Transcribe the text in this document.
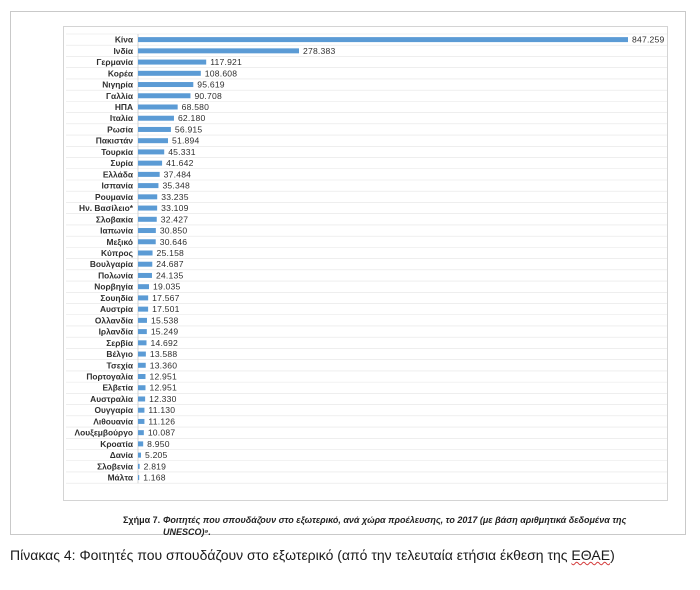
Κίνα	847.259
Ινδία	278.383
Γερμανία	117.921
Κορέα	108.608
Νιγηρία	95.619
Γαλλία	90.708
ΗΠΑ	68.580
Ιταλία	62.180
Ρωσία	56.915
Πακιστάν	51.894
Τουρκία	45.331
Συρία	41.642
Ελλάδα	37.484
Ισπανία	35.348
Ρουμανία	33.235
Ην. Βασίλειο*	33.109
Σλοβακία	32.427
Ιαπωνία	30.850
Μεξικό	30.646
Κύπρος	25.158
Βουλγαρία	24.687
Πολωνία	24.135
Νορβηγία 19.035
Σουηδία 17.567
Αυστρία 17.501
Ολλανδία 15.538
Ιρλανδία 15.249
Σερβία 14.692
Βέλγιο 13.588
Τσεχία 13.360
Πορτογαλία 12.951
Ελβετία 12.951
Αυστραλία 12.330
Ουγγαρία 11.130
Λιθουανία 11.126
Λουξεμβούργο 10.087
Κροατία 8.950
Δανία 5.205
Σλοβενία 2.819
Μάλτα 1.168
Σχήμα 7. Φοιτητές που σπουδάζουν στο εξωτερικό, ανά χώρα προέλευσης, το 2017 (με βάση αριθμητικά δεδομένα της UNESCO)⁹.
Πίνακας 4: Φοιτητές που σπουδάζουν στο εξωτερικό (από την τελευταία ετήσια έκθεση της ΕΘΑΕ)
